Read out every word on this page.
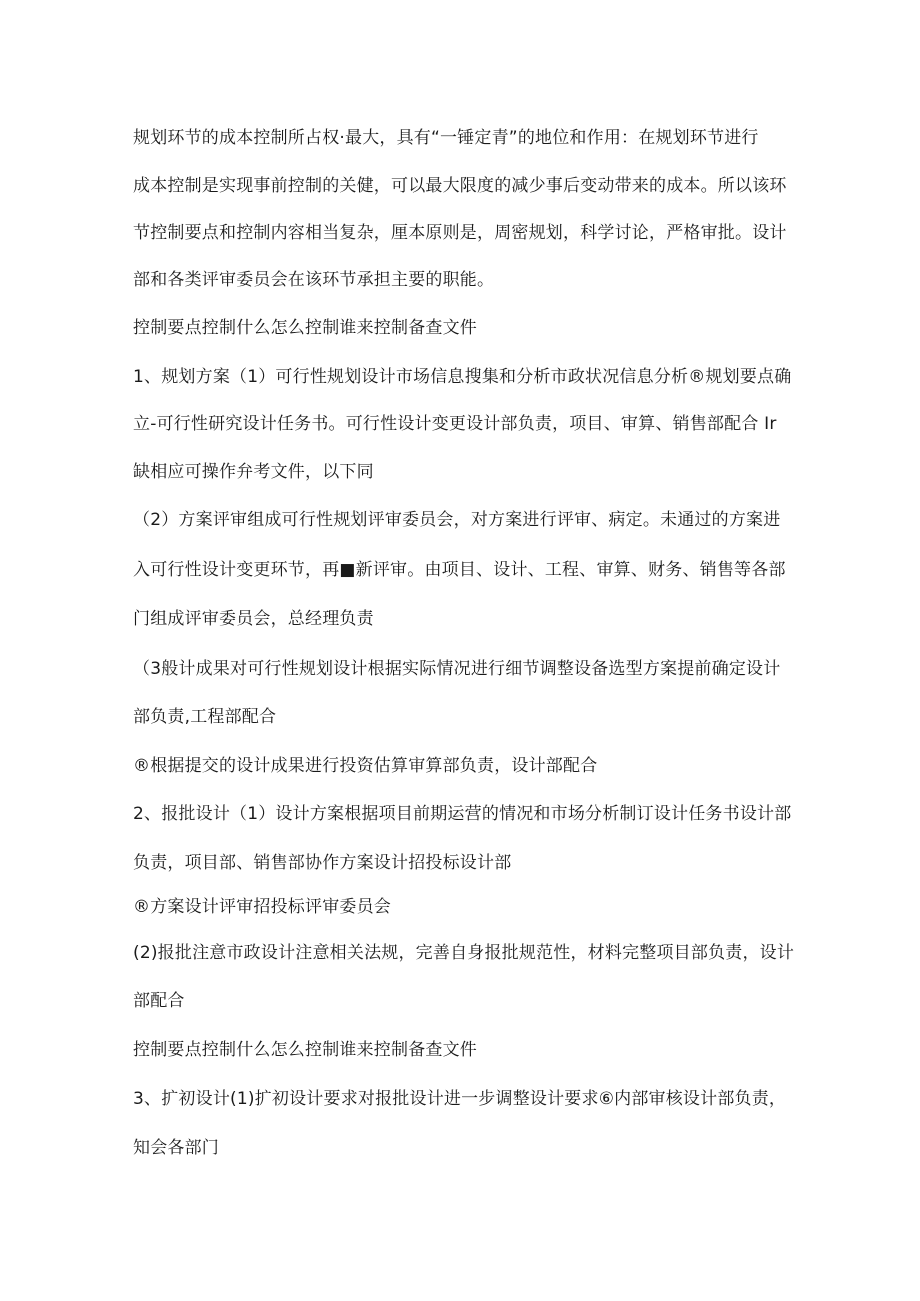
规划环节的成本控制所占权·最大，具有“一锤定青”的地位和作用：在规划环节进行
成本控制是实现事前控制的关健，可以最大限度的减少事后变动带来的成本。所以该环
节控制要点和控制内容相当复杂，厘本原则是，周密规划，科学讨论，严格审批。设计
部和各类评审委员会在该环节承担主要的职能。
控制要点控制什么怎么控制谁来控制备查文件
1、规划方案（1）可行性规划设计市场信息搜集和分析市政状况信息分析®规划要点确
立-可行性研究设计任务书。可行性设计变更设计部负责，项目、审算、销售部配合 Ir
缺相应可操作弁考文件，以下同
（2）方案评审组成可行性规划评审委员会，对方案进行评审、病定。未通过的方案进
入可行性设计变更环节，再■新评审。由项目、设计、工程、审算、财务、销售等各部
门组成评审委员会，总经理负责
（3般计成果对可行性规划设计根据实际情况进行细节调整设备选型方案提前确定设计
部负责,工程部配合
®根据提交的设计成果进行投资估算审算部负责，设计部配合
2、报批设计（1）设计方案根据项目前期运营的情况和市场分析制订设计任务书设计部
负责，项目部、销售部协作方案设计招投标设计部
®方案设计评审招投标评审委员会
(2)报批注意市政设计注意相关法规，完善自身报批规范性，材料完整项目部负责，设计
部配合
控制要点控制什么怎么控制谁来控制备查文件
3、扩初设计(1)扩初设计要求对报批设计进一步调整设计要求⑥内部审核设计部负责，
知会各部门
